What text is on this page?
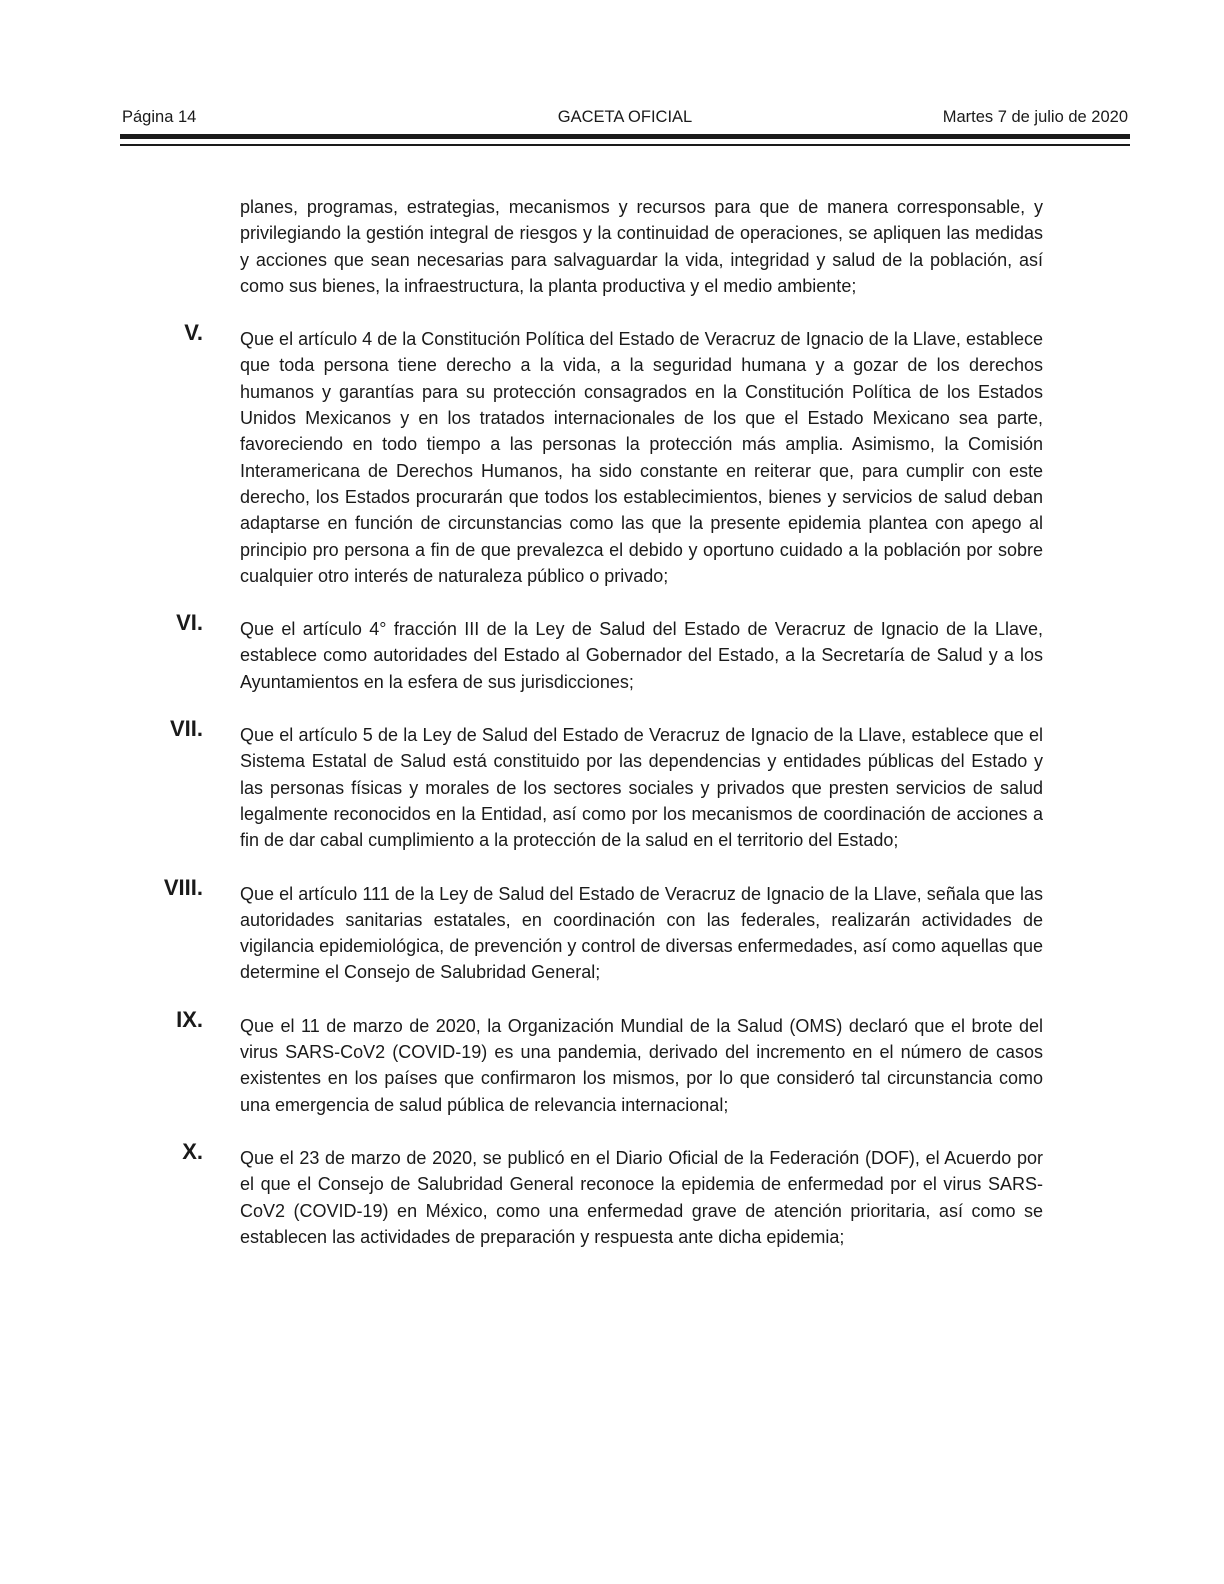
GACETA OFICIAL
Página 14	Martes 7 de julio de 2020

planes, programas, estrategias, mecanismos y recursos para que de manera corresponsable, y privilegiando la gestión integral de riesgos y la continuidad de operaciones, se apliquen las medidas y acciones que sean necesarias para salvaguardar la vida, integridad y salud de la población, así como sus bienes, la infraestructura, la planta productiva y el medio ambiente;

V. Que el artículo 4 de la Constitución Política del Estado de Veracruz de Ignacio de la Llave, establece que toda persona tiene derecho a la vida, a la seguridad humana y a gozar de los derechos humanos y garantías para su protección consagrados en la Constitución Política de los Estados Unidos Mexicanos y en los tratados internacionales de los que el Estado Mexicano sea parte, favoreciendo en todo tiempo a las personas la protección más amplia. Asimismo, la Comisión Interamericana de Derechos Humanos, ha sido constante en reiterar que, para cumplir con este derecho, los Estados procurarán que todos los establecimientos, bienes y servicios de salud deban adaptarse en función de circunstancias como las que la presente epidemia plantea con apego al principio pro persona a fin de que prevalezca el debido y oportuno cuidado a la población por sobre cualquier otro interés de naturaleza público o privado;

VI. Que el artículo 4° fracción III de la Ley de Salud del Estado de Veracruz de Ignacio de la Llave, establece como autoridades del Estado al Gobernador del Estado, a la Secretaría de Salud y a los Ayuntamientos en la esfera de sus jurisdicciones;

VII. Que el artículo 5 de la Ley de Salud del Estado de Veracruz de Ignacio de la Llave, establece que el Sistema Estatal de Salud está constituido por las dependencias y entidades públicas del Estado y las personas físicas y morales de los sectores sociales y privados que presten servicios de salud legalmente reconocidos en la Entidad, así como por los mecanismos de coordinación de acciones a fin de dar cabal cumplimiento a la protección de la salud en el territorio del Estado;

VIII. Que el artículo 111 de la Ley de Salud del Estado de Veracruz de Ignacio de la Llave, señala que las autoridades sanitarias estatales, en coordinación con las federales, realizarán actividades de vigilancia epidemiológica, de prevención y control de diversas enfermedades, así como aquellas que determine el Consejo de Salubridad General;

IX. Que el 11 de marzo de 2020, la Organización Mundial de la Salud (OMS) declaró que el brote del virus SARS-CoV2 (COVID-19) es una pandemia, derivado del incremento en el número de casos existentes en los países que confirmaron los mismos, por lo que consideró tal circunstancia como una emergencia de salud pública de relevancia internacional;

X. Que el 23 de marzo de 2020, se publicó en el Diario Oficial de la Federación (DOF), el Acuerdo por el que el Consejo de Salubridad General reconoce la epidemia de enfermedad por el virus SARS-CoV2 (COVID-19) en México, como una enfermedad grave de atención prioritaria, así como se establecen las actividades de preparación y respuesta ante dicha epidemia;
